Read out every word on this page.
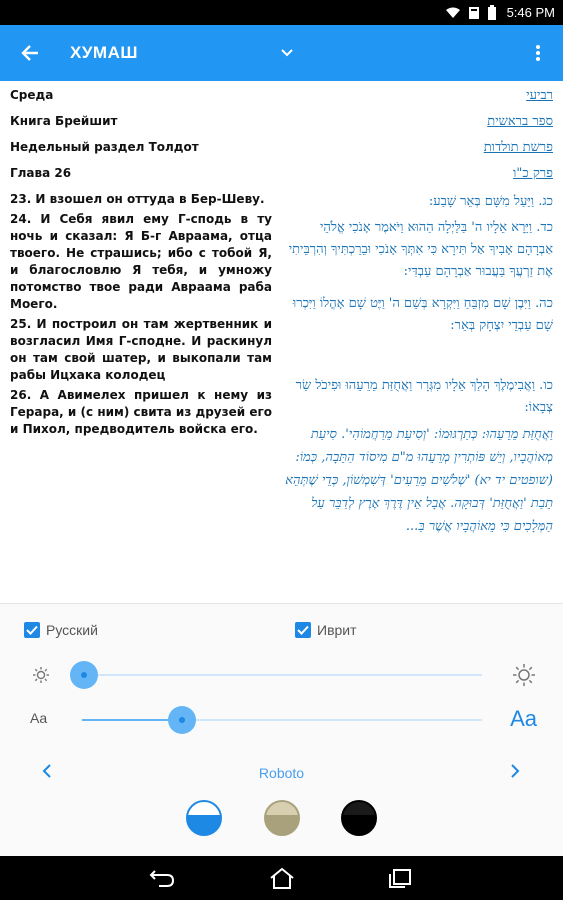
5:46 PM
ХУМАШ
Среда
Книга Брейшит
Недельный раздел Толдот
Глава 26
23. И взошел он оттуда в Бер-Шеву.
24. И Себя явил ему Г-сподь в ту ночь и сказал: Я Б-г Авраама, отца твоего. Не страшись; ибо с тобой Я, и благословлю Я тебя, и умножу потомство твое ради Авраама раба Моего.
25. И построил он там жертвенник и возгласил Имя Г-сподне. И раскинул он там свой шатер, и выкопали там рабы Ицхака колодец
26. А Авимелех пришел к нему из Герара, и (с ним) свита из друзей его и Пихол, предводитель войска его.
רביעי
ספר בראשית
פרשת תולדות
פרק כ"ו
כג. וַיַּעַל מִשָּׁם בְּאֵר שָׁבַע:
כד. וַיֵּרָא אֵלָיו ה' בַּלַּיְלָה הַהוּא וַיֹּאמֶר אָנֹכִי אֱלֹהֵי אַבְרָהָם אָבִיךָ אַל תִּירָא כִּי אִתְּךָ אָנֹכִי וּבֵרַכְתִּיךָ וְהִרְבֵּיתִי אֶת זַרְעֲךָ בַּעֲבוּר אַבְרָהָם עַבְדִּי:
כה. וַיִּבֶן שָׁם מִזְבֵּחַ וַיִּקְרָא בְּשֵׁם ה' וַיֶּט שָׁם אָהֳלוֹ וַיִּכְרוּ שָׁם עַבְדֵי יִצְחָק בְּאֵר:
כו. וַאֲבִימֶלֶךְ הָלַךְ אֵלָיו מִגְּרָר וַאֲחֻזַּת מֵרֵעֵהוּ וּפִיכֹל שַׂר צְבָאוֹ:
וַאֲחֻזַּת מֵרֵעֵהוּ: כְּתַרְגּוּמוֹ: 'וְסִיעַת מֵרַחֲמוֹהִי'. סִיעַת מְאוֹהֲבָיו, וְיֵשׁ פּוֹתְרִין מְרֵעֵהוּ מ"ם מִיסוֹד הַתֵּבָה, כְּמוֹ: (שופטים יד יא) 'שְׁלֹשִׁים מֵרֵעִים' דְּשִׁמְשׁוֹן, כְּדֵי שֶׁתְּהֵא תֵבַת 'וַאֲחֻזַּת' דְּבוּקָה. אֲבָל אֵין דֶּרֶךְ אֶרֶץ לְדַבֵּר עַל הַמְּלָכִים כִּי מֵאוֹהֲבָיו אֲשֶׁר בַּ...
Русский	Иврит
Aa	Aa
Roboto
